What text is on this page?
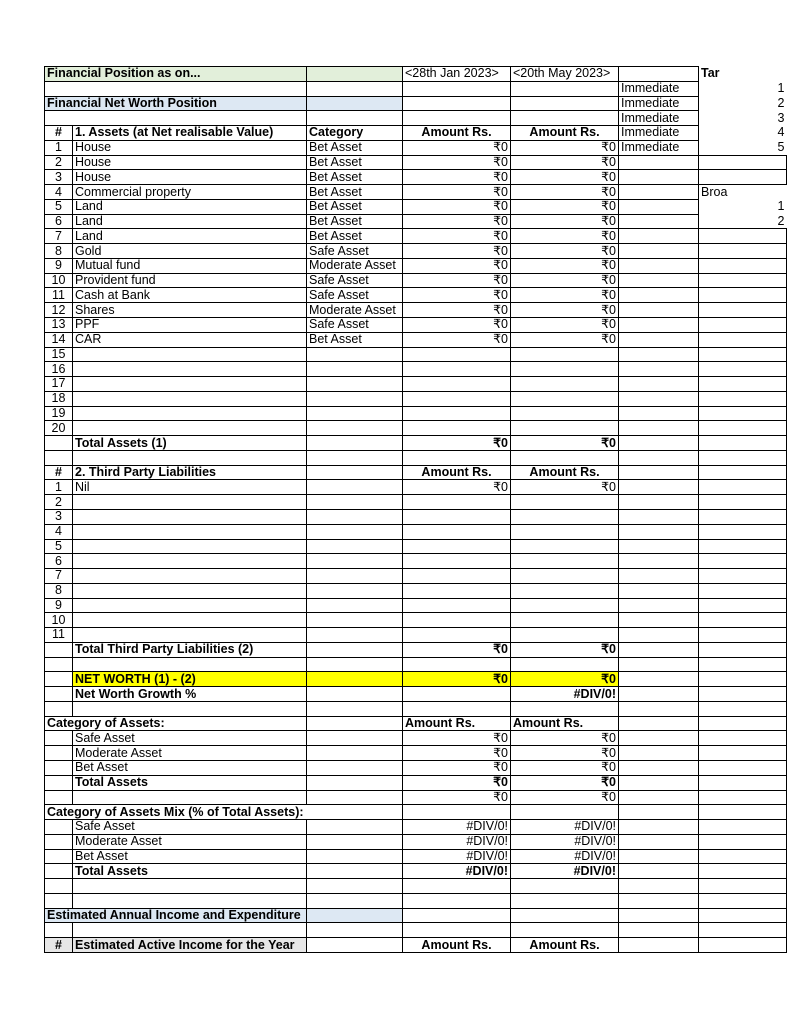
Financial Position as on...			<28th Jan 2023>	<20th May 2023>		Tar
					Immediate	1
Financial Net Worth Position					Immediate	2
					Immediate	3
#	1. Assets (at Net realisable Value)	Category	Amount Rs.	Amount Rs.	Immediate	4
1	House	Bet Asset	₹0	₹0	Immediate	5
2	House	Bet Asset	₹0	₹0		
3	House	Bet Asset	₹0	₹0		
4	Commercial property	Bet Asset	₹0	₹0		Broa
5	Land	Bet Asset	₹0	₹0		1
6	Land	Bet Asset	₹0	₹0		2
7	Land	Bet Asset	₹0	₹0		
8	Gold	Safe Asset	₹0	₹0		
9	Mutual fund	Moderate Asset	₹0	₹0		
10	Provident fund	Safe Asset	₹0	₹0		
11	Cash at Bank	Safe Asset	₹0	₹0		
12	Shares	Moderate Asset	₹0	₹0		
13	PPF	Safe Asset	₹0	₹0		
14	CAR	Bet Asset	₹0	₹0		
15						
16						
17						
18						
19						
20						
	Total Assets (1)		₹0	₹0		

#	2. Third Party Liabilities		Amount Rs.	Amount Rs.		
1	Nil		₹0	₹0		
2						
3						
4						
5						
6						
7						
8						
9						
10						
11						
	Total Third Party Liabilities (2)		₹0	₹0		

	NET WORTH (1) - (2)		₹0	₹0		
	Net Worth Growth %			#DIV/0!		

Category of Assets:			Amount Rs.	Amount Rs.		
	Safe Asset		₹0	₹0		
	Moderate Asset		₹0	₹0		
	Bet Asset		₹0	₹0		
	Total Assets		₹0	₹0		
			₹0	₹0		
Category of Assets Mix (% of Total Assets):						
	Safe Asset		#DIV/0!	#DIV/0!		
	Moderate Asset		#DIV/0!	#DIV/0!		
	Bet Asset		#DIV/0!	#DIV/0!		
	Total Assets		#DIV/0!	#DIV/0!		

Estimated Annual Income and Expenditure						

#	Estimated Active Income for the Year		Amount Rs.	Amount Rs.		
